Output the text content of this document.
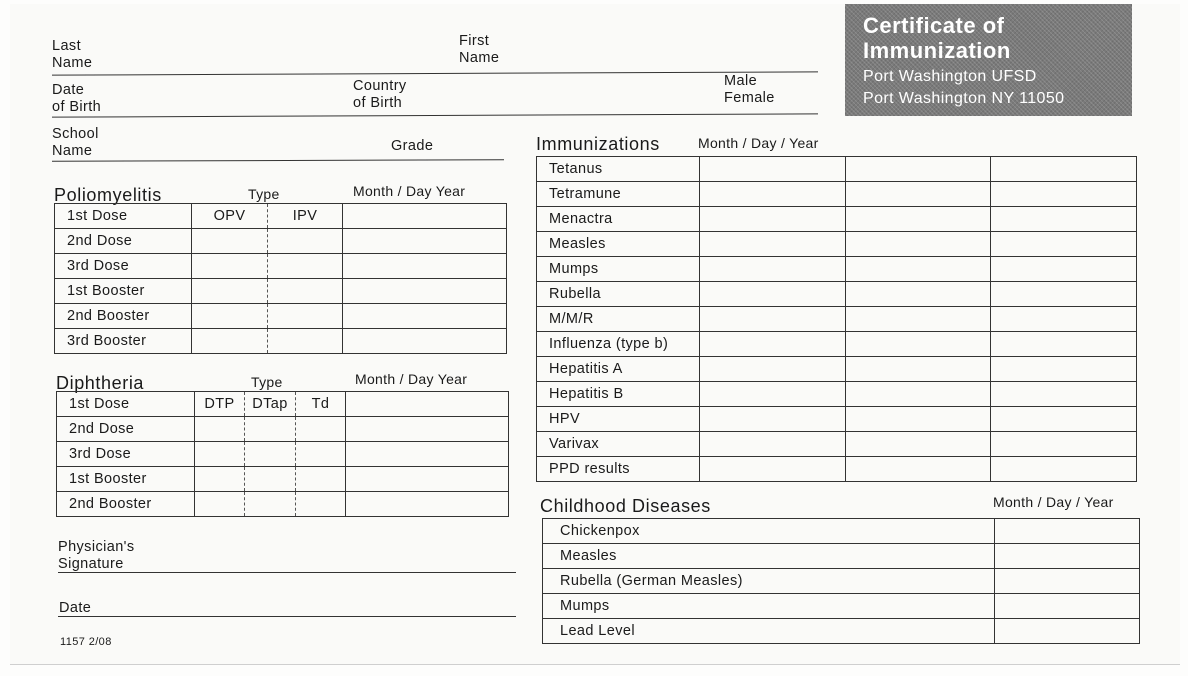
Last
Name
First
Name
Date
of Birth
Country
of Birth
Male
Female
School
Name	Grade
Certificate of
Immunization
Port Washington UFSD
Port Washington NY 11050
Poliomyelitis	Type	Month / Day Year
1st Dose	OPV	IPV	
2nd Dose			
3rd Dose			
1st Booster			
2nd Booster			
3rd Booster			
Diphtheria	Type	Month / Day Year
1st Dose	DTP	DTap	Td	
2nd Dose				
3rd Dose				
1st Booster				
2nd Booster				
Physician's
Signature
Date
1157 2/08
Immunizations	Month / Day / Year
Tetanus			
Tetramune			
Menactra			
Measles			
Mumps			
Rubella			
M/M/R			
Influenza (type b)			
Hepatitis A			
Hepatitis B			
HPV			
Varivax			
PPD results			
Childhood Diseases	Month / Day / Year
Chickenpox	
Measles	
Rubella (German Measles)	
Mumps	
Lead Level	
